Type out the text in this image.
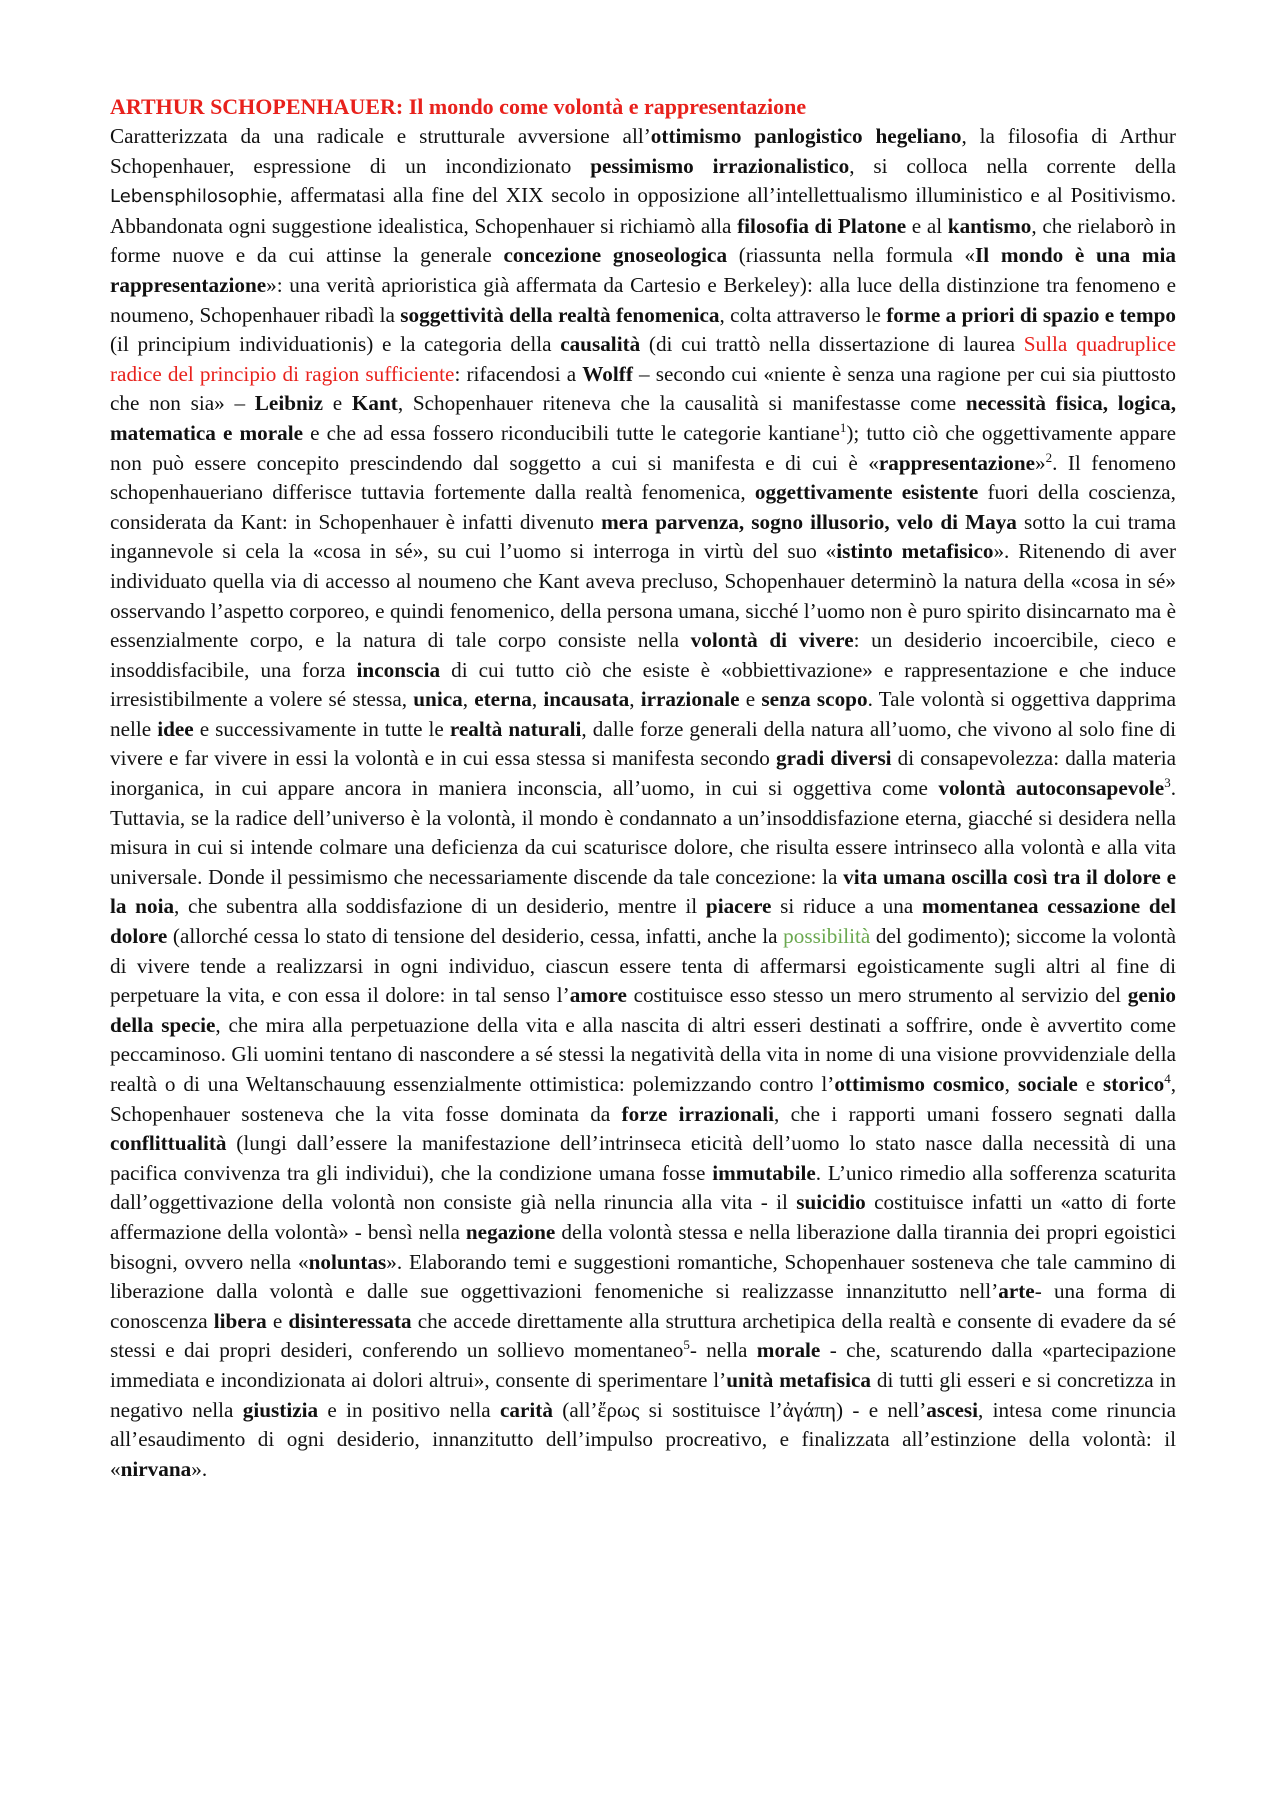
ARTHUR SCHOPENHAUER: Il mondo come volontà e rappresentazione

Caratterizzata da una radicale e strutturale avversione all’ottimismo panlogistico hegeliano, la filosofia di Arthur Schopenhauer, espressione di un incondizionato pessimismo irrazionalistico, si colloca nella corrente della Lebensphilosophie, affermatasi alla fine del XIX secolo in opposizione all’intellettualismo illuministico e al Positivismo. Abbandonata ogni suggestione idealistica, Schopenhauer si richiamò alla filosofia di Platone e al kantismo, che rielaborò in forme nuove e da cui attinse la generale concezione gnoseologica (riassunta nella formula «Il mondo è una mia rappresentazione»: una verità aprioristica già affermata da Cartesio e Berkeley): alla luce della distinzione tra fenomeno e noumeno, Schopenhauer ribadì la soggettività della realtà fenomenica, colta attraverso le forme a priori di spazio e tempo (il principium individuationis) e la categoria della causalità (di cui trattò nella dissertazione di laurea Sulla quadruplice radice del principio di ragion sufficiente: rifacendosi a Wolff – secondo cui «niente è senza una ragione per cui sia piuttosto che non sia» – Leibniz e Kant, Schopenhauer riteneva che la causalità si manifestasse come necessità fisica, logica, matematica e morale e che ad essa fossero riconducibili tutte le categorie kantiane$^1$); tutto ciò che oggettivamente appare non può essere concepito prescindendo dal soggetto a cui si manifesta e di cui è «rappresentazione»$^2$. Il fenomeno schopenhaueriano differisce tuttavia fortemente dalla realtà fenomenica, oggettivamente esistente fuori della coscienza, considerata da Kant: in Schopenhauer è infatti divenuto mera parvenza, sogno illusorio, velo di Maya sotto la cui trama ingannevole si cela la «cosa in sé», su cui l’uomo si interroga in virtù del suo «istinto metafisico». Ritenendo di aver individuato quella via di accesso al noumeno che Kant aveva precluso, Schopenhauer determinò la natura della «cosa in sé» osservando l’aspetto corporeo, e quindi fenomenico, della persona umana, sicché l’uomo non è puro spirito disincarnato ma è essenzialmente corpo, e la natura di tale corpo consiste nella volontà di vivere: un desiderio incoercibile, cieco e insoddisfacibile, una forza inconscia di cui tutto ciò che esiste è «obbiettivazione» e rappresentazione e che induce irresistibilmente a volere sé stessa, unica, eterna, incausata, irrazionale e senza scopo. Tale volontà si oggettiva dapprima nelle idee e successivamente in tutte le realtà naturali, dalle forze generali della natura all’uomo, che vivono al solo fine di vivere e far vivere in essi la volontà e in cui essa stessa si manifesta secondo gradi diversi di consapevolezza: dalla materia inorganica, in cui appare ancora in maniera inconscia, all’uomo, in cui si oggettiva come volontà autoconsapevole$^3$. Tuttavia, se la radice dell’universo è la volontà, il mondo è condannato a un’insoddisfazione eterna, giacché si desidera nella misura in cui si intende colmare una deficienza da cui scaturisce dolore, che risulta essere intrinseco alla volontà e alla vita universale. Donde il pessimismo che necessariamente discende da tale concezione: la vita umana oscilla così tra il dolore e la noia, che subentra alla soddisfazione di un desiderio, mentre il piacere si riduce a una momentanea cessazione del dolore (allorché cessa lo stato di tensione del desiderio, cessa, infatti, anche la possibilità del godimento); siccome la volontà di vivere tende a realizzarsi in ogni individuo, ciascun essere tenta di affermarsi egoisticamente sugli altri al fine di perpetuare la vita, e con essa il dolore: in tal senso l’amore costituisce esso stesso un mero strumento al servizio del genio della specie, che mira alla perpetuazione della vita e alla nascita di altri esseri destinati a soffrire, onde è avvertito come peccaminoso. Gli uomini tentano di nascondere a sé stessi la negatività della vita in nome di una visione provvidenziale della realtà o di una Weltanschauung essenzialmente ottimistica: polemizzando contro l’ottimismo cosmico, sociale e storico$^4$, Schopenhauer sosteneva che la vita fosse dominata da forze irrazionali, che i rapporti umani fossero segnati dalla conflittualità (lungi dall’essere la manifestazione dell’intrinseca eticità dell’uomo lo stato nasce dalla necessità di una pacifica convivenza tra gli individui), che la condizione umana fosse immutabile. L’unico rimedio alla sofferenza scaturita dall’oggettivazione della volontà non consiste già nella rinuncia alla vita - il suicidio costituisce infatti un «atto di forte affermazione della volontà» - bensì nella negazione della volontà stessa e nella liberazione dalla tirannia dei propri egoistici bisogni, ovvero nella «noluntas». Elaborando temi e suggestioni romantiche, Schopenhauer sosteneva che tale cammino di liberazione dalla volontà e dalle sue oggettivazioni fenomeniche si realizzasse innanzitutto nell’arte- una forma di conoscenza libera e disinteressata che accede direttamente alla struttura archetipica della realtà e consente di evadere da sé stessi e dai propri desideri, conferendo un sollievo momentaneo$^5$- nella morale - che, scaturendo dalla «partecipazione immediata e incondizionata ai dolori altrui», consente di sperimentare l’unità metafisica di tutti gli esseri e si concretizza in negativo nella giustizia e in positivo nella carità (all’ἔρως si sostituisce l’ἀγάπη) - e nell’ascesi, intesa come rinuncia all’esaudimento di ogni desiderio, innanzitutto dell’impulso procreativo, e finalizzata all’estinzione della volontà: il «nirvana».
